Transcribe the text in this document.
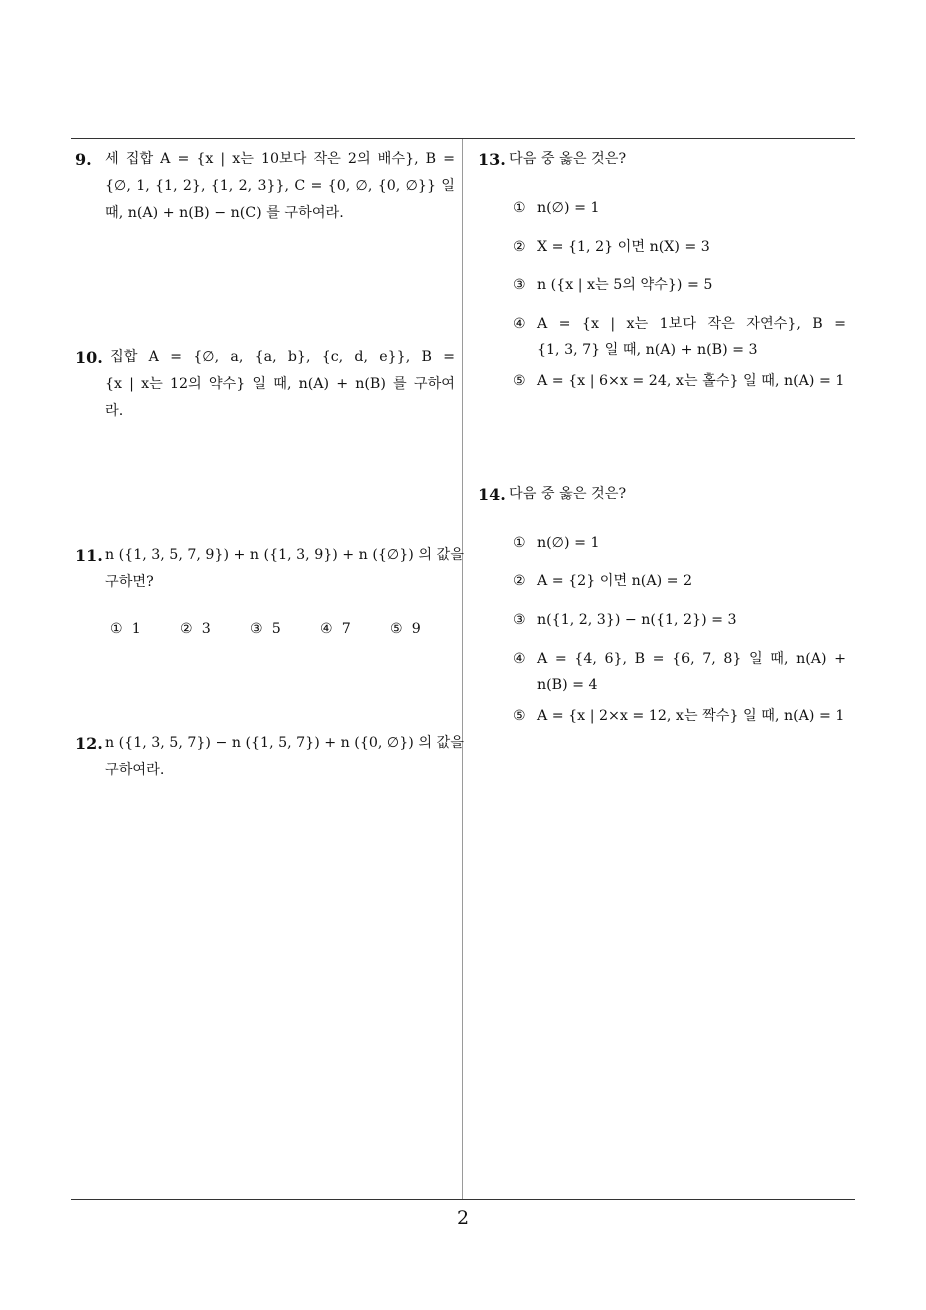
9. 세 집합 A = {x | x는 10보다 작은 2의 배수}, B =
{∅, 1, {1, 2}, {1, 2, 3}}, C = {0, ∅, {0, ∅}} 일
때, n(A) + n(B) − n(C) 를 구하여라.
10. 집합 A = {∅, a, {a, b}, {c, d, e}}, B =
{x | x는 12의 약수} 일 때, n(A) + n(B) 를 구하여
라.
11. n ({1, 3, 5, 7, 9}) + n ({1, 3, 9}) + n ({∅}) 의 값을
구하면?
① 1	② 3	③ 5	④ 7	⑤ 9
12. n ({1, 3, 5, 7}) − n ({1, 5, 7}) + n ({0, ∅}) 의 값을
구하여라.
13. 다음 중 옳은 것은?
① n(∅) = 1
② X = {1, 2} 이면 n(X) = 3
③ n ({x | x는 5의 약수}) = 5
④ A = {x | x는 1보다 작은 자연수}, B =
{1, 3, 7} 일 때, n(A) + n(B) = 3
⑤ A = {x | 6×x = 24, x는 홀수} 일 때, n(A) = 1
14. 다음 중 옳은 것은?
① n(∅) = 1
② A = {2} 이면 n(A) = 2
③ n({1, 2, 3}) − n({1, 2}) = 3
④ A = {4, 6}, B = {6, 7, 8} 일 때, n(A) +
n(B) = 4
⑤ A = {x | 2×x = 12, x는 짝수} 일 때, n(A) = 1
2
